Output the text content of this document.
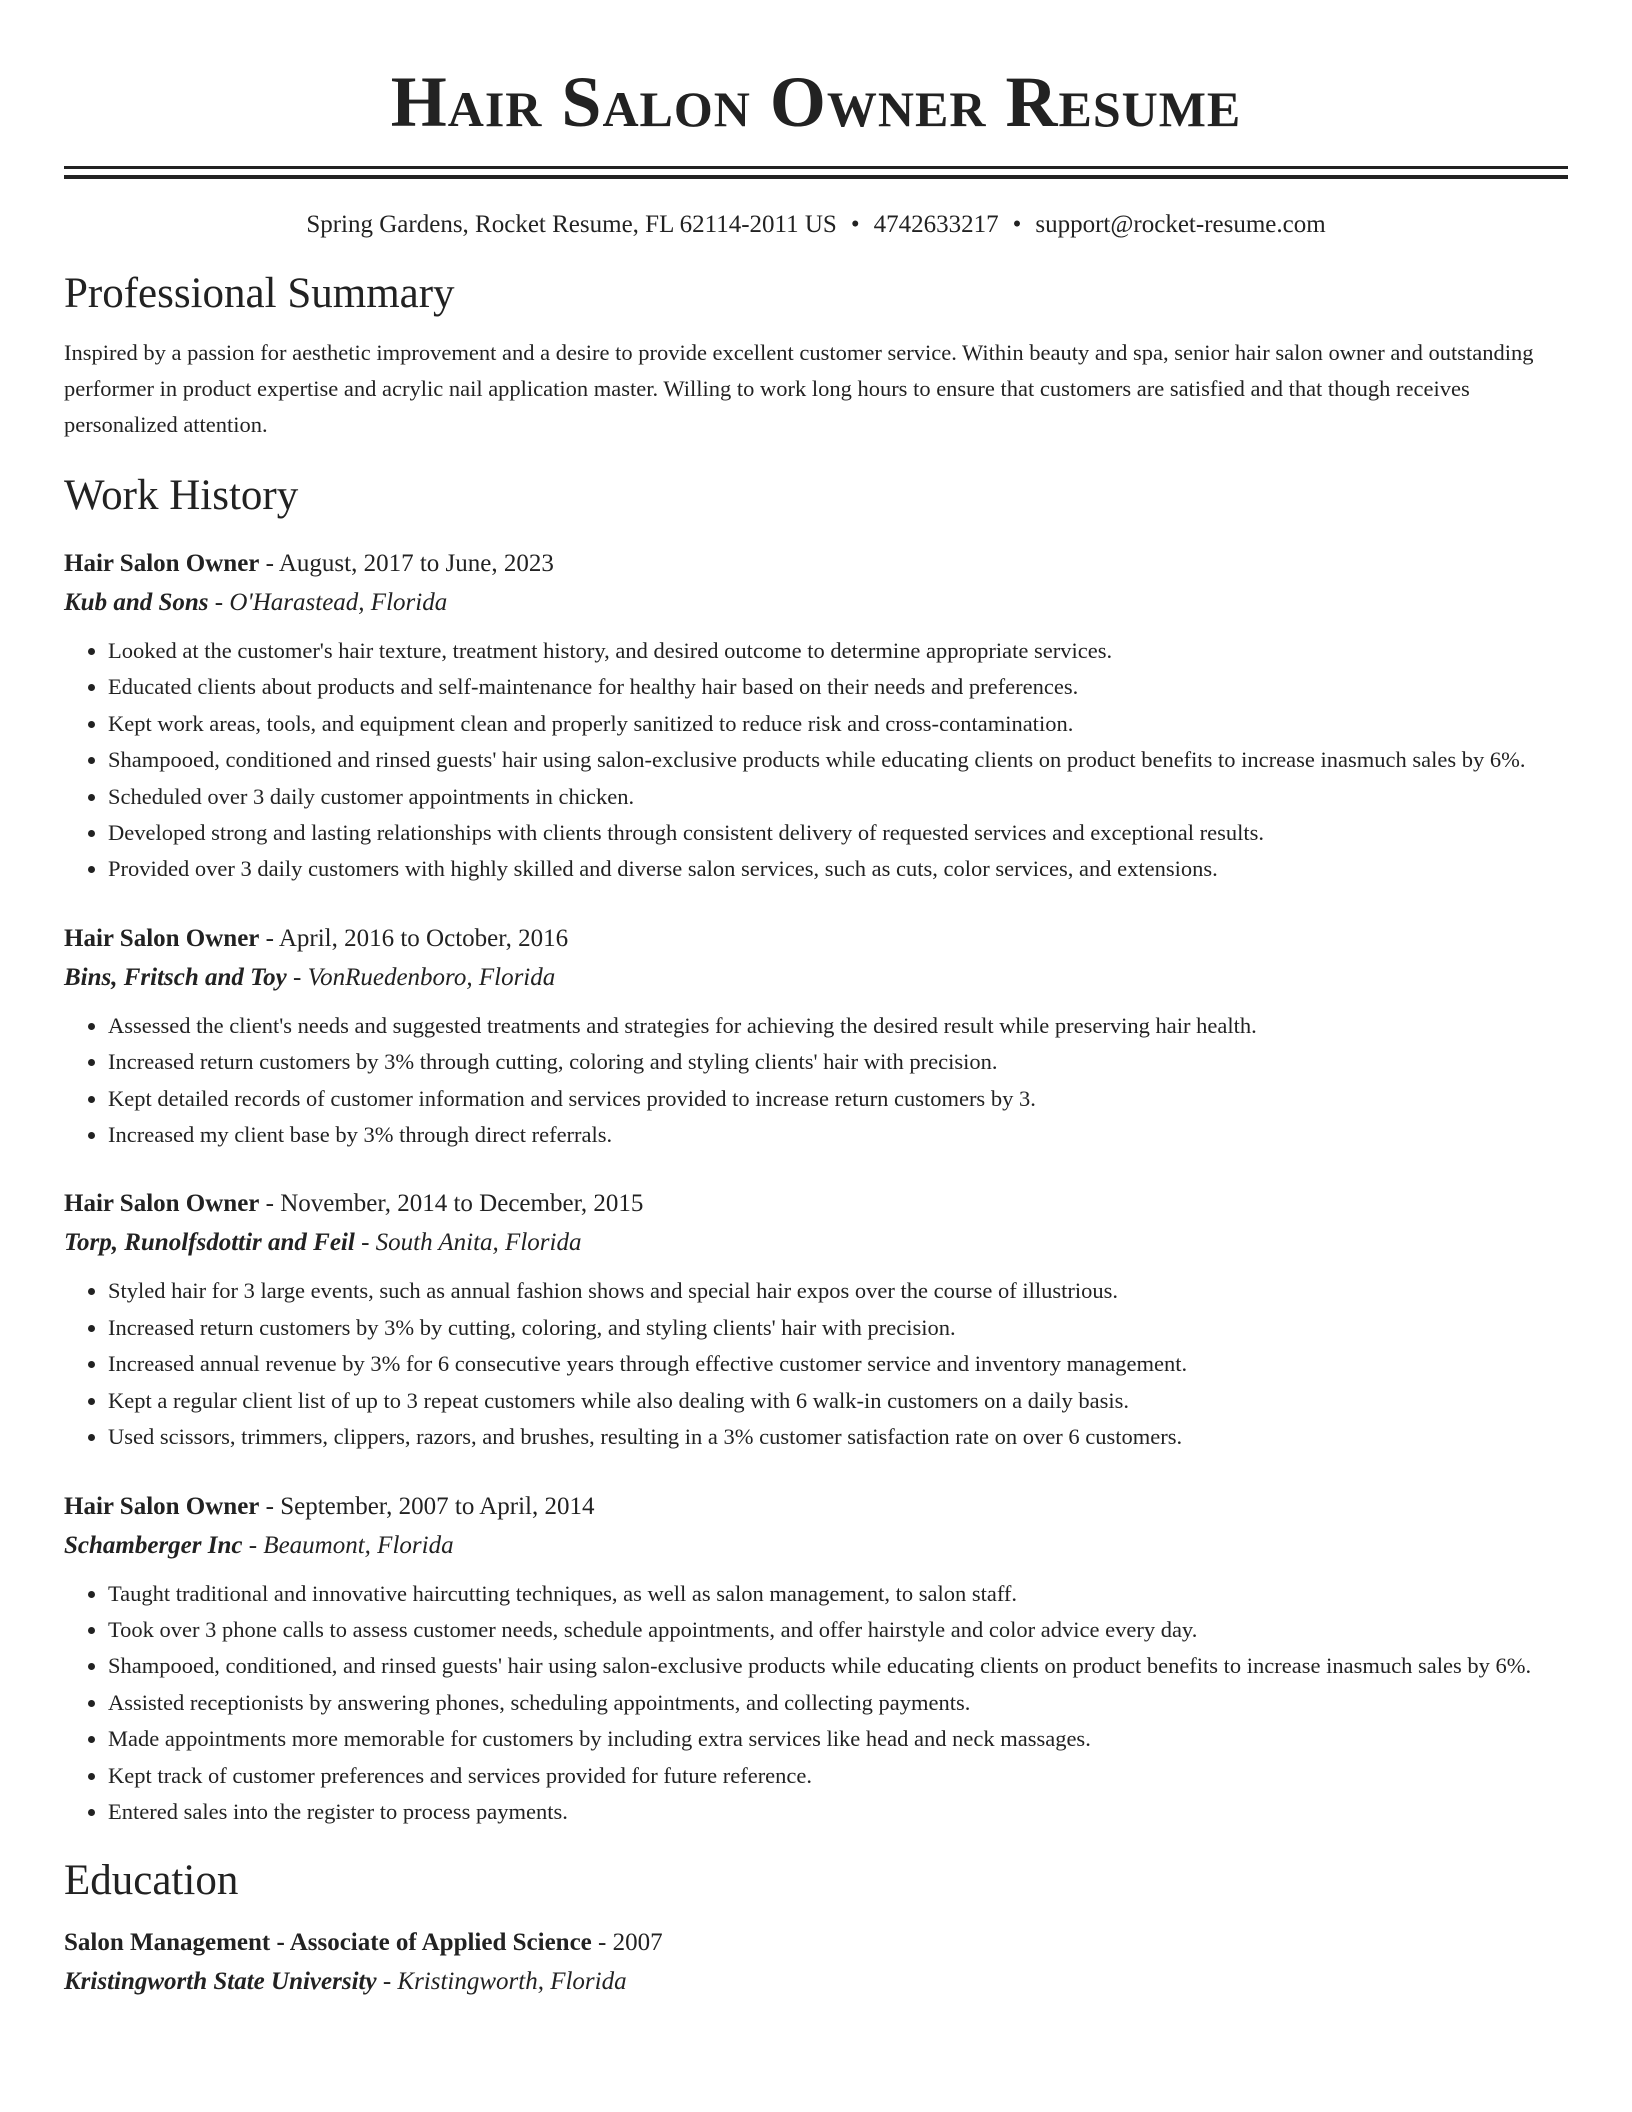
Hair Salon Owner Resume
Spring Gardens, Rocket Resume, FL 62114-2011 US • 4742633217 • support@rocket-resume.com
Professional Summary

Inspired by a passion for aesthetic improvement and a desire to provide excellent customer service. Within beauty and spa, senior hair salon owner and outstanding performer in product expertise and acrylic nail application master. Willing to work long hours to ensure that customers are satisfied and that though receives personalized attention.

Work History
Hair Salon Owner - August, 2017 to June, 2023
Kub and Sons - O'Harastead, Florida
• Looked at the customer's hair texture, treatment history, and desired outcome to determine appropriate services.
• Educated clients about products and self-maintenance for healthy hair based on their needs and preferences.
• Kept work areas, tools, and equipment clean and properly sanitized to reduce risk and cross-contamination.
• Shampooed, conditioned and rinsed guests' hair using salon-exclusive products while educating clients on product benefits to increase inasmuch sales by 6%.
• Scheduled over 3 daily customer appointments in chicken.
• Developed strong and lasting relationships with clients through consistent delivery of requested services and exceptional results.
• Provided over 3 daily customers with highly skilled and diverse salon services, such as cuts, color services, and extensions.
Hair Salon Owner - April, 2016 to October, 2016
Bins, Fritsch and Toy - VonRuedenboro, Florida
• Assessed the client's needs and suggested treatments and strategies for achieving the desired result while preserving hair health.
• Increased return customers by 3% through cutting, coloring and styling clients' hair with precision.
• Kept detailed records of customer information and services provided to increase return customers by 3.
• Increased my client base by 3% through direct referrals.
Hair Salon Owner - November, 2014 to December, 2015
Torp, Runolfsdottir and Feil - South Anita, Florida
• Styled hair for 3 large events, such as annual fashion shows and special hair expos over the course of illustrious.
• Increased return customers by 3% by cutting, coloring, and styling clients' hair with precision.
• Increased annual revenue by 3% for 6 consecutive years through effective customer service and inventory management.
• Kept a regular client list of up to 3 repeat customers while also dealing with 6 walk-in customers on a daily basis.
• Used scissors, trimmers, clippers, razors, and brushes, resulting in a 3% customer satisfaction rate on over 6 customers.
Hair Salon Owner - September, 2007 to April, 2014
Schamberger Inc - Beaumont, Florida
• Taught traditional and innovative haircutting techniques, as well as salon management, to salon staff.
• Took over 3 phone calls to assess customer needs, schedule appointments, and offer hairstyle and color advice every day.
• Shampooed, conditioned, and rinsed guests' hair using salon-exclusive products while educating clients on product benefits to increase inasmuch sales by 6%.
• Assisted receptionists by answering phones, scheduling appointments, and collecting payments.
• Made appointments more memorable for customers by including extra services like head and neck massages.
• Kept track of customer preferences and services provided for future reference.
• Entered sales into the register to process payments.
Education
Salon Management - Associate of Applied Science - 2007
Kristingworth State University - Kristingworth, Florida
